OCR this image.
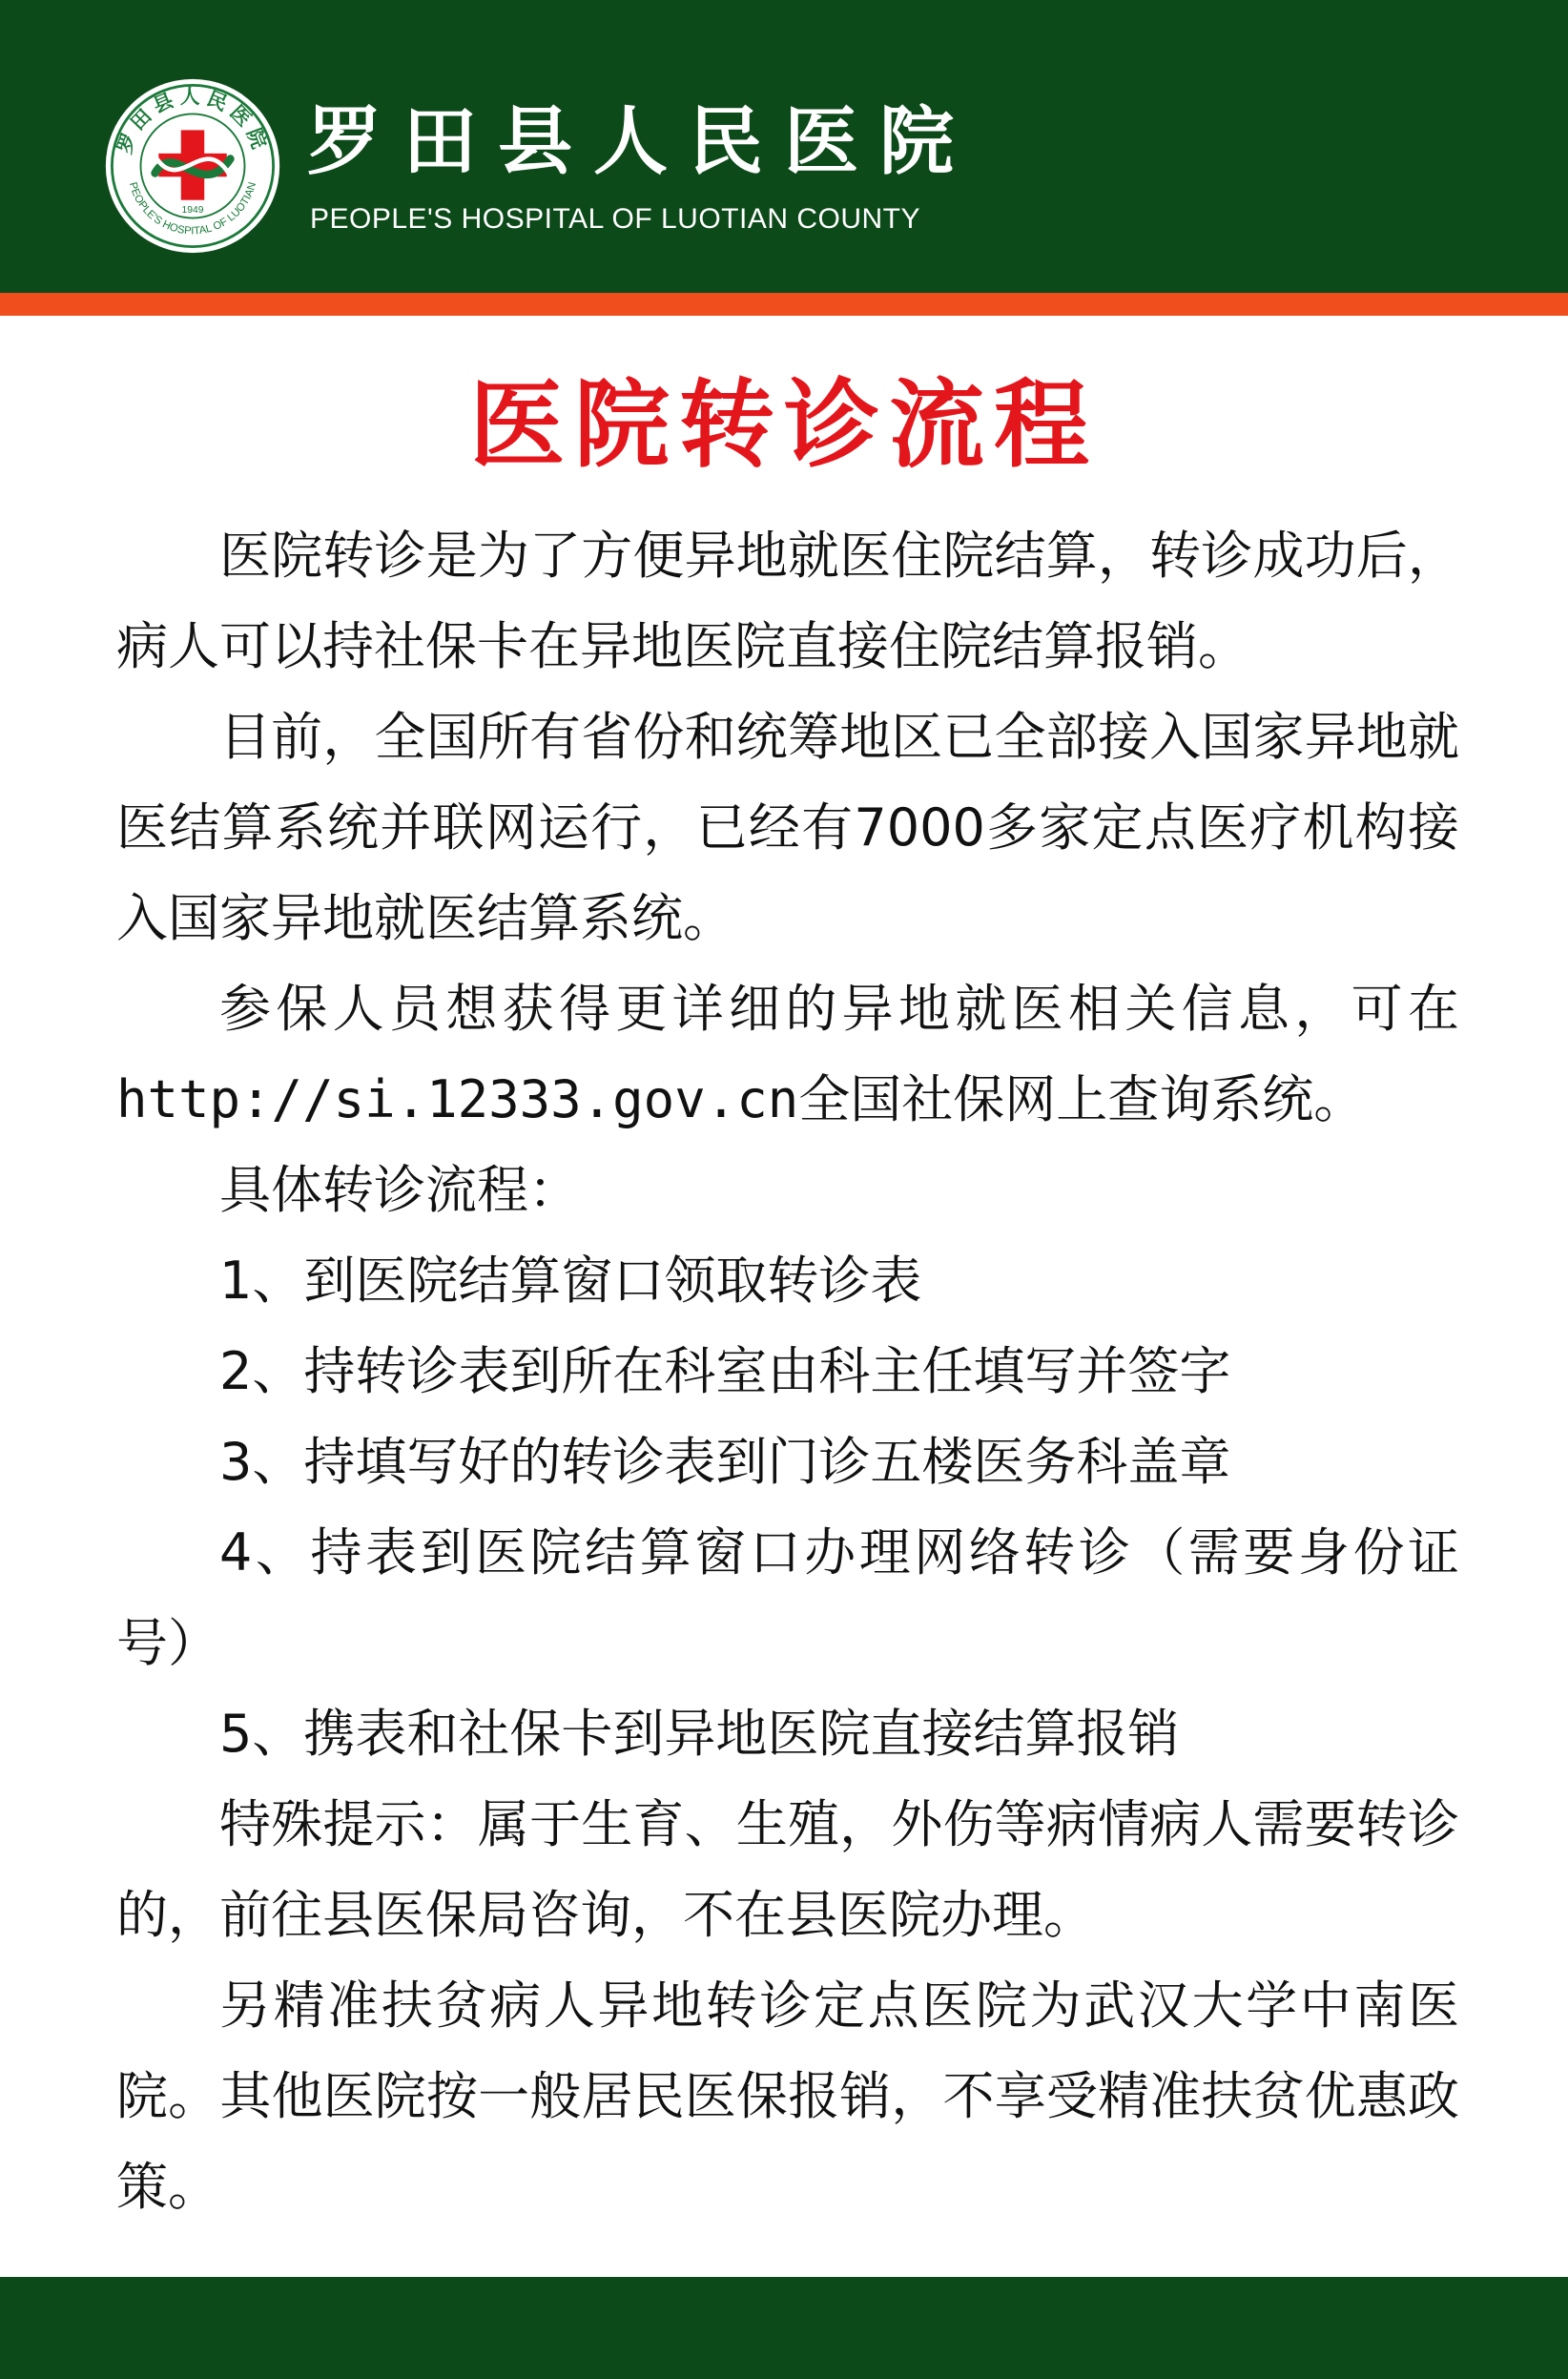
罗田县人民医院
PEOPLE'S HOSPITAL OF LUOTIAN
1949
罗田县人民医院
PEOPLE'S HOSPITAL OF LUOTIAN COUNTY
医院转诊流程

医院转诊是为了方便异地就医住院结算，转诊成功后，病人可以持社保卡在异地医院直接住院结算报销。

目前，全国所有省份和统筹地区已全部接入国家异地就医结算系统并联网运行，已经有7000多家定点医疗机构接入国家异地就医结算系统。

参保人员想获得更详细的异地就医相关信息，可在http://si.12333.gov.cn全国社保网上查询系统。

具体转诊流程：

1、到医院结算窗口领取转诊表

2、持转诊表到所在科室由科主任填写并签字

3、持填写好的转诊表到门诊五楼医务科盖章

4、持表到医院结算窗口办理网络转诊（需要身份证号）

5、携表和社保卡到异地医院直接结算报销

特殊提示：属于生育、生殖，外伤等病情病人需要转诊的，前往县医保局咨询，不在县医院办理。

另精准扶贫病人异地转诊定点医院为武汉大学中南医院。其他医院按一般居民医保报销，不享受精准扶贫优惠政策。
